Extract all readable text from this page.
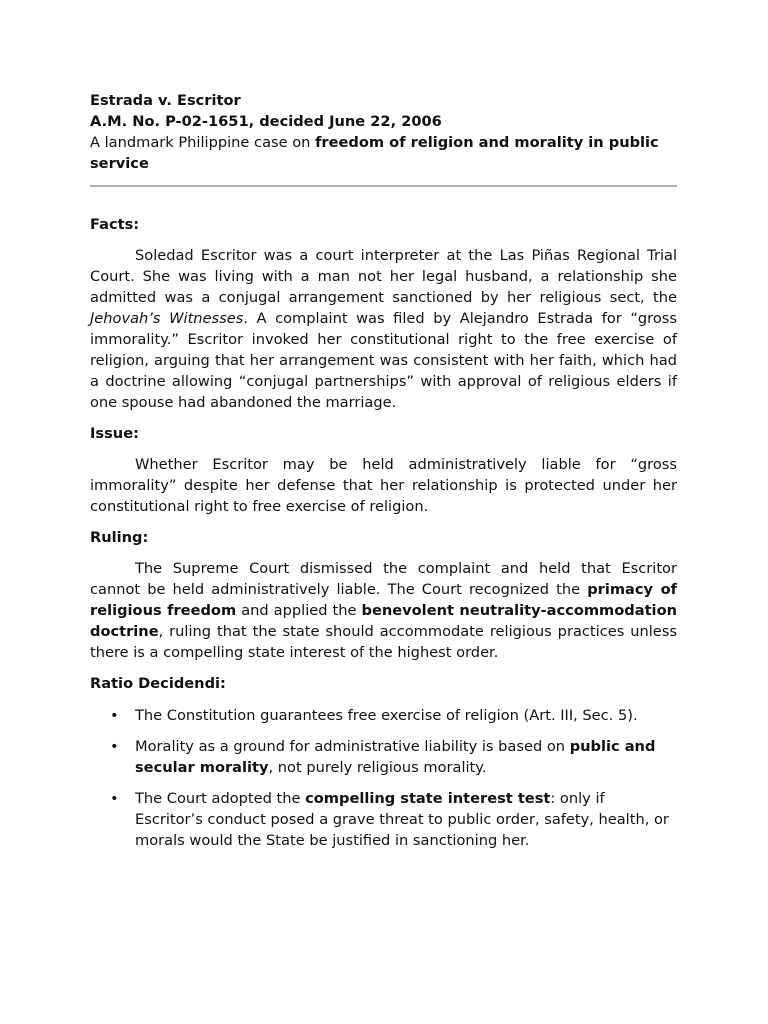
Estrada v. Escritor

A.M. No. P-02-1651, decided June 22, 2006

A landmark Philippine case on freedom of religion and morality in public service

Facts:

Soledad Escritor was a court interpreter at the Las Piñas Regional Trial Court. She was living with a man not her legal husband, a relationship she admitted was a conjugal arrangement sanctioned by her religious sect, the Jehovah’s Witnesses. A complaint was filed by Alejandro Estrada for “gross immorality.” Escritor invoked her constitutional right to the free exercise of religion, arguing that her arrangement was consistent with her faith, which had a doctrine allowing “conjugal partnerships” with approval of religious elders if one spouse had abandoned the marriage.

Issue:

Whether Escritor may be held administratively liable for “gross immorality” despite her defense that her relationship is protected under her constitutional right to free exercise of religion.

Ruling:

The Supreme Court dismissed the complaint and held that Escritor cannot be held administratively liable. The Court recognized the primacy of religious freedom and applied the benevolent neutrality-accommodation doctrine, ruling that the state should accommodate religious practices unless there is a compelling state interest of the highest order.

Ratio Decidendi:

• The Constitution guarantees free exercise of religion (Art. III, Sec. 5).
• Morality as a ground for administrative liability is based on public and secular morality, not purely religious morality.
• The Court adopted the compelling state interest test: only if Escritor’s conduct posed a grave threat to public order, safety, health, or morals would the State be justified in sanctioning her.
